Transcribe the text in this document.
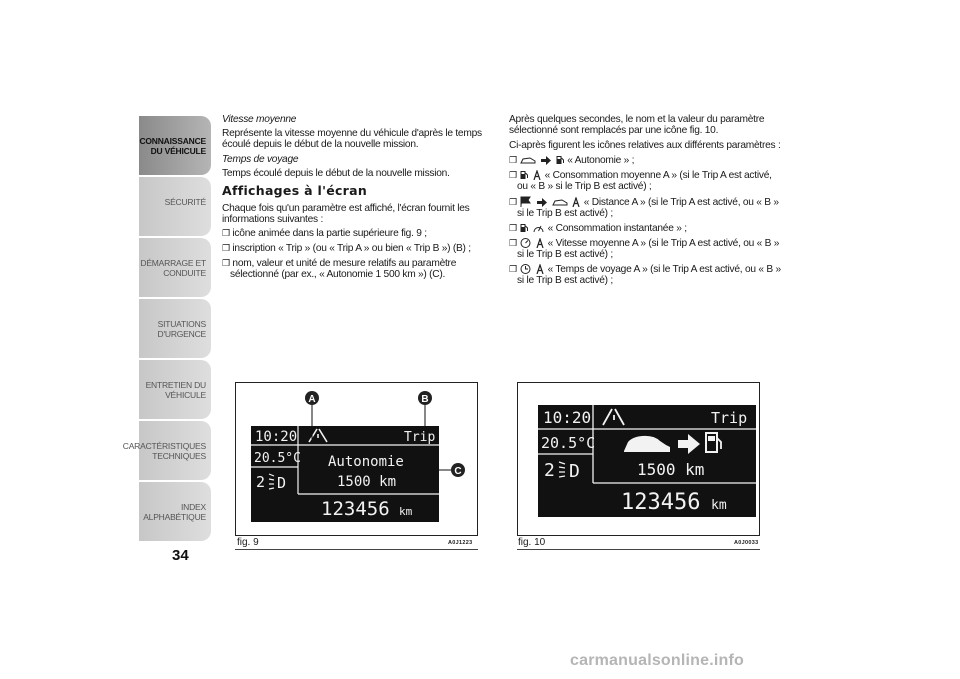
CONNAISSANCE
DU VÉHICULE
SÉCURITÉ
DÉMARRAGE ET
CONDUITE
SITUATIONS
D'URGENCE
ENTRETIEN DU
VÉHICULE
CARACTÉRISTIQUES
TECHNIQUES
INDEX
ALPHABÉTIQUE
34

Vitesse moyenne

Représente la vitesse moyenne du véhicule d'après le temps écoulé depuis le début de la nouvelle mission.

Temps de voyage

Temps écoulé depuis le début de la nouvelle mission.

Affichages à l'écran

Chaque fois qu'un paramètre est affiché, l'écran fournit les informations suivantes :

❒ icône animée dans la partie supérieure fig. 9 ;

❒ inscription « Trip » (ou « Trip A » ou bien « Trip B ») (B) ;

❒ nom, valeur et unité de mesure relatifs au paramètre sélectionné (par ex., « Autonomie 1 500 km ») (C).

Après quelques secondes, le nom et la valeur du paramètre sélectionné sont remplacés par une icône fig. 10.

Ci-après figurent les icônes relatives aux différents paramètres :

❒	« Autonomie » ;

❒	« Consommation moyenne A » (si le Trip A est activé, ou « B » si le Trip B est activé) ;

❒	« Distance A » (si le Trip A est activé, ou « B » si le Trip B est activé) ;

❒	« Consommation instantanée » ;

❒	« Vitesse moyenne A » (si le Trip A est activé, ou « B » si le Trip B est activé) ;

❒	« Temps de voyage A » (si le Trip A est activé, ou « B » si le Trip B est activé) ;

10:20
20.5°C
2 D
Trip
Autonomie
1500 km
123456 km
A	B
C
fig. 9	A0J1223
10:20
20.5°C
2 D
Trip
1500 km
123456 km
fig. 10	A0J0033
carmanualsonline.info
